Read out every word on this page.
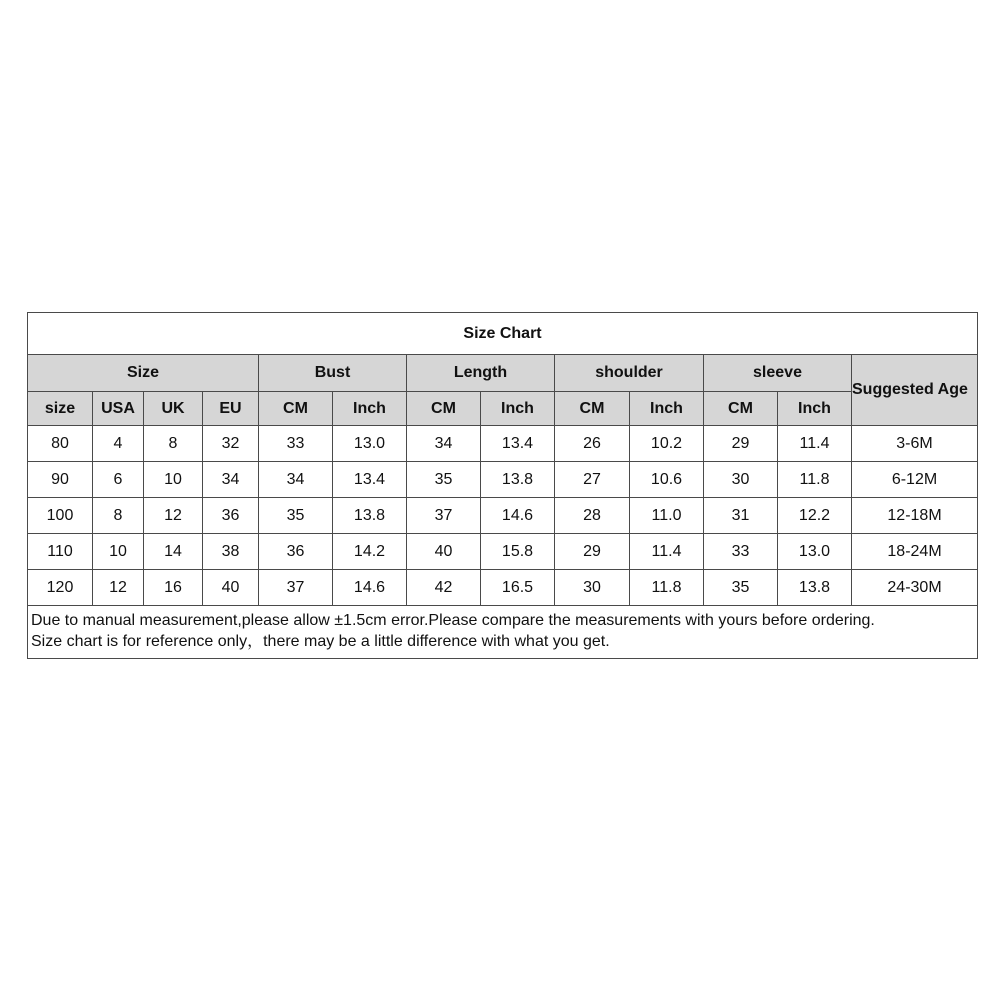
Size Chart												
Size				Bust		Length		shoulder		sleeve		Suggested Age
size	USA	UK	EU	CM	Inch	CM	Inch	CM	Inch	CM	Inch	
80	4	8	32	33	13.0	34	13.4	26	10.2	29	11.4	3-6M
90	6	10	34	34	13.4	35	13.8	27	10.6	30	11.8	6-12M
100	8	12	36	35	13.8	37	14.6	28	11.0	31	12.2	12-18M
110	10	14	38	36	14.2	40	15.8	29	11.4	33	13.0	18-24M
120	12	16	40	37	14.6	42	16.5	30	11.8	35	13.8	24-30M

Due to manual measurement,please allow ±1.5cm error.Please compare the measurements with yours before ordering.
Size chart is for reference only，there may be a little difference with what you get.												
